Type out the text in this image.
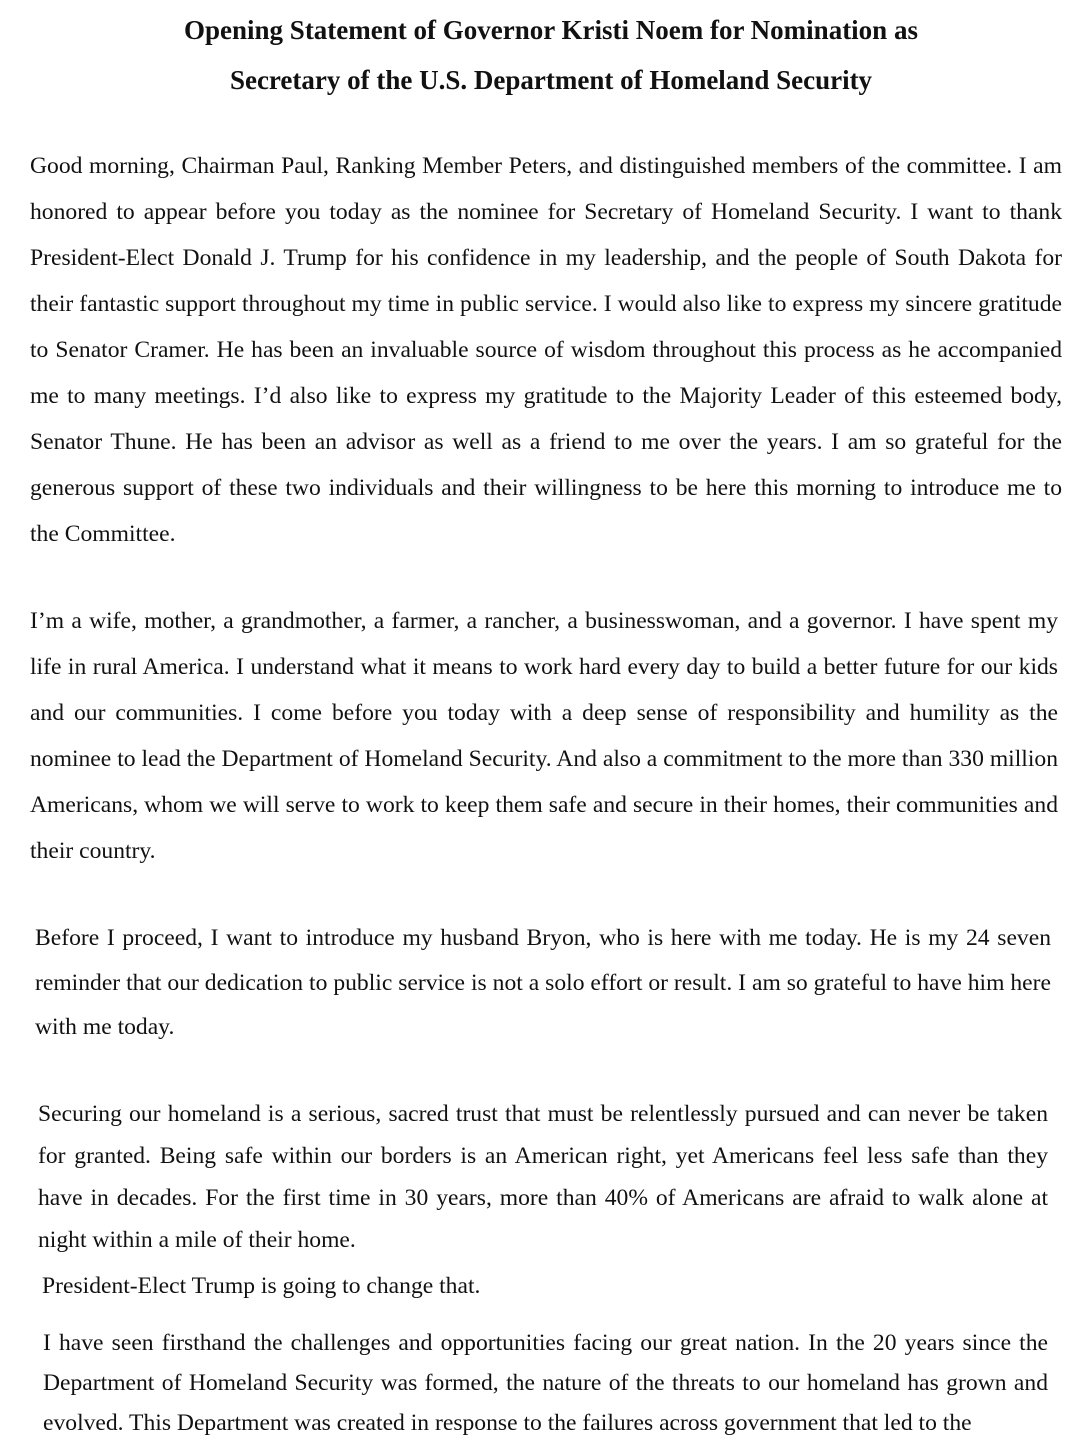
Opening Statement of Governor Kristi Noem for Nomination as
Secretary of the U.S. Department of Homeland Security

Good morning, Chairman Paul, Ranking Member Peters, and distinguished members of the committee. I am honored to appear before you today as the nominee for Secretary of Homeland Security. I want to thank President-Elect Donald J. Trump for his confidence in my leadership, and the people of South Dakota for their fantastic support throughout my time in public service. I would also like to express my sincere gratitude to Senator Cramer. He has been an invaluable source of wisdom throughout this process as he accompanied me to many meetings. I’d also like to express my gratitude to the Majority Leader of this esteemed body, Senator Thune. He has been an advisor as well as a friend to me over the years. I am so grateful for the generous support of these two individuals and their willingness to be here this morning to introduce me to the Committee.

I’m a wife, mother, a grandmother, a farmer, a rancher, a businesswoman, and a governor. I have spent my life in rural America. I understand what it means to work hard every day to build a better future for our kids and our communities. I come before you today with a deep sense of responsibility and humility as the nominee to lead the Department of Homeland Security. And also a commitment to the more than 330 million Americans, whom we will serve to work to keep them safe and secure in their homes, their communities and their country.

Before I proceed, I want to introduce my husband Bryon, who is here with me today. He is my 24 seven reminder that our dedication to public service is not a solo effort or result. I am so grateful to have him here with me today.

Securing our homeland is a serious, sacred trust that must be relentlessly pursued and can never be taken for granted. Being safe within our borders is an American right, yet Americans feel less safe than they have in decades. For the first time in 30 years, more than 40% of Americans are afraid to walk alone at night within a mile of their home.

President-Elect Trump is going to change that.

I have seen firsthand the challenges and opportunities facing our great nation. In the 20 years since the Department of Homeland Security was formed, the nature of the threats to our homeland has grown and evolved. This Department was created in response to the failures across government that led to the
